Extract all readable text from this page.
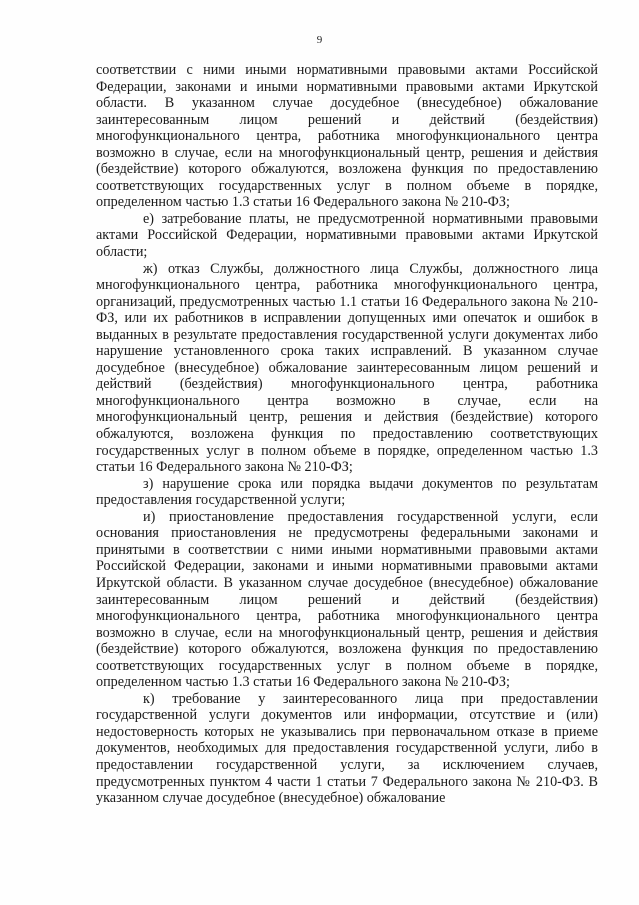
9

соответствии с ними иными нормативными правовыми актами Российской Федерации, законами и иными нормативными правовыми актами Иркутской области. В указанном случае досудебное (внесудебное) обжалование заинтересованным лицом решений и действий (бездействия) многофункционального центра, работника многофункционального центра возможно в случае, если на многофункциональный центр, решения и действия (бездействие) которого обжалуются, возложена функция по предоставлению соответствующих государственных услуг в полном объеме в порядке, определенном частью 1.3 статьи 16 Федерального закона № 210-ФЗ;

е) затребование платы, не предусмотренной нормативными правовыми актами Российской Федерации, нормативными правовыми актами Иркутской области;

ж) отказ Службы, должностного лица Службы, должностного лица многофункционального центра, работника многофункционального центра, организаций, предусмотренных частью 1.1 статьи 16 Федерального закона № 210-ФЗ, или их работников в исправлении допущенных ими опечаток и ошибок в выданных в результате предоставления государственной услуги документах либо нарушение установленного срока таких исправлений. В указанном случае досудебное (внесудебное) обжалование заинтересованным лицом решений и действий (бездействия) многофункционального центра, работника многофункционального центра возможно в случае, если на многофункциональный центр, решения и действия (бездействие) которого обжалуются, возложена функция по предоставлению соответствующих государственных услуг в полном объеме в порядке, определенном частью 1.3 статьи 16 Федерального закона № 210-ФЗ;

з) нарушение срока или порядка выдачи документов по результатам предоставления государственной услуги;

и) приостановление предоставления государственной услуги, если основания приостановления не предусмотрены федеральными законами и принятыми в соответствии с ними иными нормативными правовыми актами Российской Федерации, законами и иными нормативными правовыми актами Иркутской области. В указанном случае досудебное (внесудебное) обжалование заинтересованным лицом решений и действий (бездействия) многофункционального центра, работника многофункционального центра возможно в случае, если на многофункциональный центр, решения и действия (бездействие) которого обжалуются, возложена функция по предоставлению соответствующих государственных услуг в полном объеме в порядке, определенном частью 1.3 статьи 16 Федерального закона № 210-ФЗ;

к) требование у заинтересованного лица при предоставлении государственной услуги документов или информации, отсутствие и (или) недостоверность которых не указывались при первоначальном отказе в приеме документов, необходимых для предоставления государственной услуги, либо в предоставлении государственной услуги, за исключением случаев, предусмотренных пунктом 4 части 1 статьи 7 Федерального закона № 210-ФЗ. В указанном случае досудебное (внесудебное) обжалование
